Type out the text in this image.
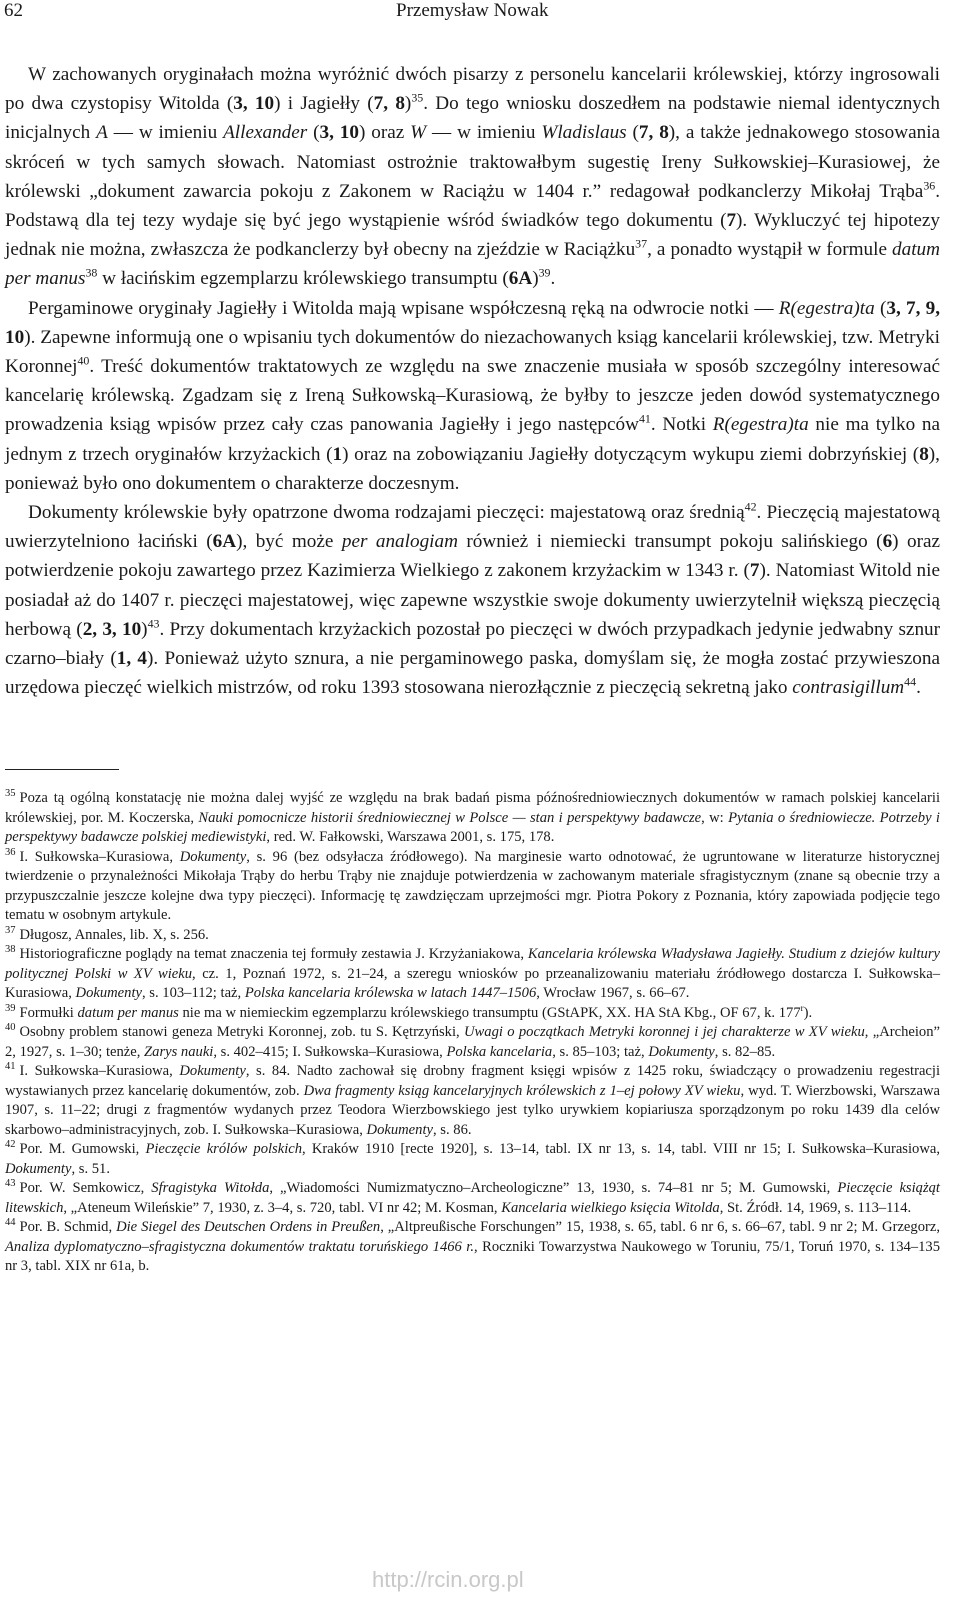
62	Przemysław Nowak

W zachowanych oryginałach można wyróżnić dwóch pisarzy z personelu kancelarii królewskiej, którzy ingrosowali po dwa czystopisy Witolda (3, 10) i Jagiełły (7, 8)$^{35}$. Do tego wniosku doszedłem na podstawie niemal identycznych inicjalnych A — w imieniu Allexander (3, 10) oraz W — w imieniu Wladislaus (7, 8), a także jednakowego stosowania skróceń w tych samych słowach. Natomiast ostrożnie traktowałbym sugestię Ireny Sułkowskiej–Kurasiowej, że królewski „dokument zawarcia pokoju z Zakonem w Raciążu w 1404 r.” redagował podkanclerzy Mikołaj Trąba$^{36}$. Podstawą dla tej tezy wydaje się być jego wystąpienie wśród świadków tego dokumentu (7). Wykluczyć tej hipotezy jednak nie można, zwłaszcza że podkanclerzy był obecny na zjeździe w Raciążku$^{37}$, a ponadto wystąpił w formule datum per manus$^{38}$ w łacińskim egzemplarzu królewskiego transumptu $(6A)^{39}$.

Pergaminowe oryginały Jagiełły i Witolda mają wpisane współczesną ręką na odwrocie notki — R(egestra)ta (3, 7, 9, 10). Zapewne informują one o wpisaniu tych dokumentów do niezachowanych ksiąg kancelarii królewskiej, tzw. Metryki Koronnej$^{40}$. Treść dokumentów traktatowych ze względu na swe znaczenie musiała w sposób szczególny interesować kancelarię królewską. Zgadzam się z Ireną Sułkowską–Kurasiową, że byłby to jeszcze jeden dowód systematycznego prowadzenia ksiąg wpisów przez cały czas panowania Jagiełły i jego następców$^{41}$. Notki R(egestra)ta nie ma tylko na jednym z trzech oryginałów krzyżackich (1) oraz na zobowiązaniu Jagiełły dotyczącym wykupu ziemi dobrzyńskiej (8), ponieważ było ono dokumentem o charakterze doczesnym.

Dokumenty królewskie były opatrzone dwoma rodzajami pieczęci: majestatową oraz średnią$^{42}$. Pieczęcią majestatową uwierzytelniono łaciński (6A), być może per analogiam również i niemiecki transumpt pokoju salińskiego (6) oraz potwierdzenie pokoju zawartego przez Kazimierza Wielkiego z zakonem krzyżackim w 1343 r. (7). Natomiast Witold nie posiadał aż do 1407 r. pieczęci majestatowej, więc zapewne wszystkie swoje dokumenty uwierzytelnił większą pieczęcią herbową (2, 3, 10)$^{43}$. Przy dokumentach krzyżackich pozostał po pieczęci w dwóch przypadkach jedynie jedwabny sznur czarno–biały (1, 4). Ponieważ użyto sznura, a nie pergaminowego paska, domyślam się, że mogła zostać przywieszona urzędowa pieczęć wielkich mistrzów, od roku 1393 stosowana nierozłącznie z pieczęcią sekretną jako contrasigillum$^{44}$.

$^{35}$ Poza tą ogólną konstatację nie można dalej wyjść ze względu na brak badań pisma późnośredniowiecznych dokumentów w ramach polskiej kancelarii królewskiej, por. M. Koczerska, Nauki pomocnicze historii średniowiecznej w Polsce — stan i perspektywy badawcze, w: Pytania o średniowiecze. Potrzeby i perspektywy badawcze polskiej mediewistyki, red. W. Fałkowski, Warszawa 2001, s. 175, 178.

$^{36}$ I. Sułkowska–Kurasiowa, Dokumenty, s. 96 (bez odsyłacza źródłowego). Na marginesie warto odnotować, że ugruntowane w literaturze historycznej twierdzenie o przynależności Mikołaja Trąby do herbu Trąby nie znajduje potwierdzenia w zachowanym materiale sfragistycznym (znane są obecnie trzy a przypuszczalnie jeszcze kolejne dwa typy pieczęci). Informację tę zawdzięczam uprzejmości mgr. Piotra Pokory z Poznania, który zapowiada podjęcie tego tematu w osobnym artykule.

$^{37}$ Długosz, Annales, lib. X, s. 256.

$^{38}$ Historiograficzne poglądy na temat znaczenia tej formuły zestawia J. Krzyżaniakowa, Kancelaria królewska Władysława Jagiełły. Studium z dziejów kultury politycznej Polski w XV wieku, cz. 1, Poznań 1972, s. 21–24, a szeregu wniosków po przeanalizowaniu materiału źródłowego dostarcza I. Sułkowska–Kurasiowa, Dokumenty, s. 103–112; taż, Polska kancelaria królewska w latach 1447–1506, Wrocław 1967, s. 66–67.

$^{39}$ Formułki datum per manus nie ma w niemieckim egzemplarzu królewskiego transumptu (GStAPK, XX. HA StA Kbg., OF 67, k. 177$^r$).

$^{40}$ Osobny problem stanowi geneza Metryki Koronnej, zob. tu S. Kętrzyński, Uwagi o początkach Metryki koronnej i jej charakterze w XV wieku, „Archeion” 2, 1927, s. 1–30; tenże, Zarys nauki, s. 402–415; I. Sułkowska–Kurasiowa, Polska kancelaria, s. 85–103; taż, Dokumenty, s. 82–85.

$^{41}$ I. Sułkowska–Kurasiowa, Dokumenty, s. 84. Nadto zachował się drobny fragment księgi wpisów z 1425 roku, świadczący o prowadzeniu regestracji wystawianych przez kancelarię dokumentów, zob. Dwa fragmenty ksiąg kancelaryjnych królewskich z 1–ej połowy XV wieku, wyd. T. Wierzbowski, Warszawa 1907, s. 11–22; drugi z fragmentów wydanych przez Teodora Wierzbowskiego jest tylko urywkiem kopiariusza sporządzonym po roku 1439 dla celów skarbowo–administracyjnych, zob. I. Sułkowska–Kurasiowa, Dokumenty, s. 86.

$^{42}$ Por. M. Gumowski, Pieczęcie królów polskich, Kraków 1910 [recte 1920], s. 13–14, tabl. IX nr 13, s. 14, tabl. VIII nr 15; I. Sułkowska–Kurasiowa, Dokumenty, s. 51.

$^{43}$ Por. W. Semkowicz, Sfragistyka Witołda, „Wiadomości Numizmatyczno–Archeologiczne” 13, 1930, s. 74–81 nr 5; M. Gumowski, Pieczęcie książąt litewskich, „Ateneum Wileńskie” 7, 1930, z. 3–4, s. 720, tabl. VI nr 42; M. Kosman, Kancelaria wielkiego księcia Witolda, St. Źródł. 14, 1969, s. 113–114.

$^{44}$ Por. B. Schmid, Die Siegel des Deutschen Ordens in Preußen, „Altpreußische Forschungen” 15, 1938, s. 65, tabl. 6 nr 6, s. 66–67, tabl. 9 nr 2; M. Grzegorz, Analiza dyplomatyczno–sfragistyczna dokumentów traktatu toruńskiego 1466 r., Roczniki Towarzystwa Naukowego w Toruniu, 75/1, Toruń 1970, s. 134–135 nr 3, tabl. XIX nr 61a, b.

http://rcin.org.pl
